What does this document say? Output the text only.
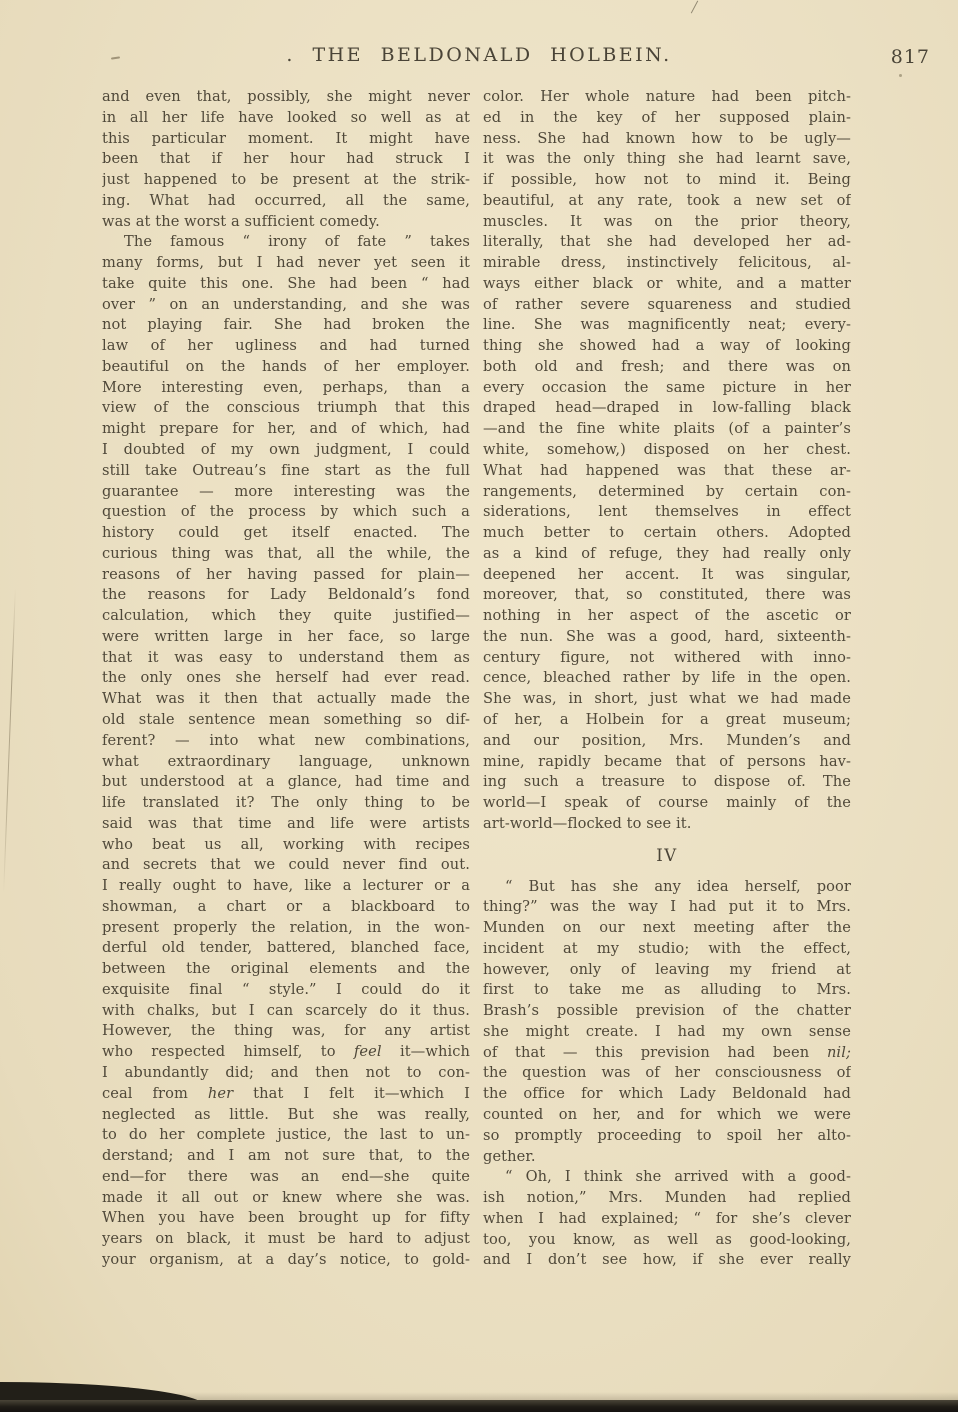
. THE BELDONALD HOLBEIN.	817
and even that, possibly, she might never
in all her life have looked so well as at
this particular moment. It might have
been that if her hour had struck I
just happened to be present at the strik-
ing. What had occurred, all the same,
was at the worst a sufficient comedy.
The famous “ irony of fate ” takes
many forms, but I had never yet seen it
take quite this one. She had been “ had
over ” on an understanding, and she was
not playing fair. She had broken the
law of her ugliness and had turned
beautiful on the hands of her employer.
More interesting even, perhaps, than a
view of the conscious triumph that this
might prepare for her, and of which, had
I doubted of my own judgment, I could
still take Outreau’s fine start as the full
guarantee — more interesting was the
question of the process by which such a
history could get itself enacted. The
curious thing was that, all the while, the
reasons of her having passed for plain—
the reasons for Lady Beldonald’s fond
calculation, which they quite justified—
were written large in her face, so large
that it was easy to understand them as
the only ones she herself had ever read.
What was it then that actually made the
old stale sentence mean something so dif-
ferent? — into what new combinations,
what extraordinary language, unknown
but understood at a glance, had time and
life translated it? The only thing to be
said was that time and life were artists
who beat us all, working with recipes
and secrets that we could never find out.
I really ought to have, like a lecturer or a
showman, a chart or a blackboard to
present properly the relation, in the won-
derful old tender, battered, blanched face,
between the original elements and the
exquisite final “ style.” I could do it
with chalks, but I can scarcely do it thus.
However, the thing was, for any artist
who respected himself, to feel it—which
I abundantly did; and then not to con-
ceal from her that I felt it—which I
neglected as little. But she was really,
to do her complete justice, the last to un-
derstand; and I am not sure that, to the
end—for there was an end—she quite
made it all out or knew where she was.
When you have been brought up for fifty
years on black, it must be hard to adjust
your organism, at a day’s notice, to gold-
color. Her whole nature had been pitch-
ed in the key of her supposed plain-
ness. She had known how to be ugly—
it was the only thing she had learnt save,
if possible, how not to mind it. Being
beautiful, at any rate, took a new set of
muscles. It was on the prior theory,
literally, that she had developed her ad-
mirable dress, instinctively felicitous, al-
ways either black or white, and a matter
of rather severe squareness and studied
line. She was magnificently neat; every-
thing she showed had a way of looking
both old and fresh; and there was on
every occasion the same picture in her
draped head—draped in low-falling black
—and the fine white plaits (of a painter’s
white, somehow,) disposed on her chest.
What had happened was that these ar-
rangements, determined by certain con-
siderations, lent themselves in effect
much better to certain others. Adopted
as a kind of refuge, they had really only
deepened her accent. It was singular,
moreover, that, so constituted, there was
nothing in her aspect of the ascetic or
the nun. She was a good, hard, sixteenth-
century figure, not withered with inno-
cence, bleached rather by life in the open.
She was, in short, just what we had made
of her, a Holbein for a great museum;
and our position, Mrs. Munden’s and
mine, rapidly became that of persons hav-
ing such a treasure to dispose of. The
world—I speak of course mainly of the
art-world—flocked to see it.
IV
“ But has she any idea herself, poor
thing?” was the way I had put it to Mrs.
Munden on our next meeting after the
incident at my studio; with the effect,
however, only of leaving my friend at
first to take me as alluding to Mrs.
Brash’s possible prevision of the chatter
she might create. I had my own sense
of that — this prevision had been nil;
the question was of her consciousness of
the office for which Lady Beldonald had
counted on her, and for which we were
so promptly proceeding to spoil her alto-
gether.
“ Oh, I think she arrived with a good-
ish notion,” Mrs. Munden had replied
when I had explained; “ for she’s clever
too, you know, as well as good-looking,
and I don’t see how, if she ever really
